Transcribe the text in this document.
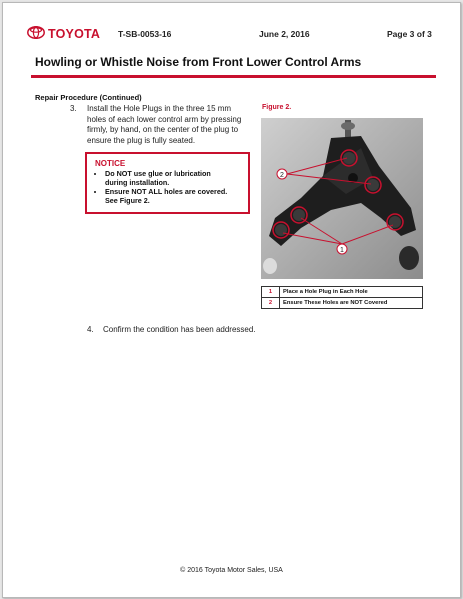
TOYOTA T-SB-0053-16	June 2, 2016	Page 3 of 3
Howling or Whistle Noise from Front Lower Control Arms
Repair Procedure (Continued)
3. Install the Hole Plugs in the three 15 mm
holes of each lower control arm by pressing
firmly, by hand, on the center of the plug to
ensure the plug is fully seated.
NOTICE
• Do NOT use glue or lubrication
during installation.
• Ensure NOT ALL holes are covered.
See Figure 2.
Figure 2.
2
1
1	Place a Hole Plug in Each Hole
2	Ensure These Holes are NOT Covered
4. Confirm the condition has been addressed.
© 2016 Toyota Motor Sales, USA
